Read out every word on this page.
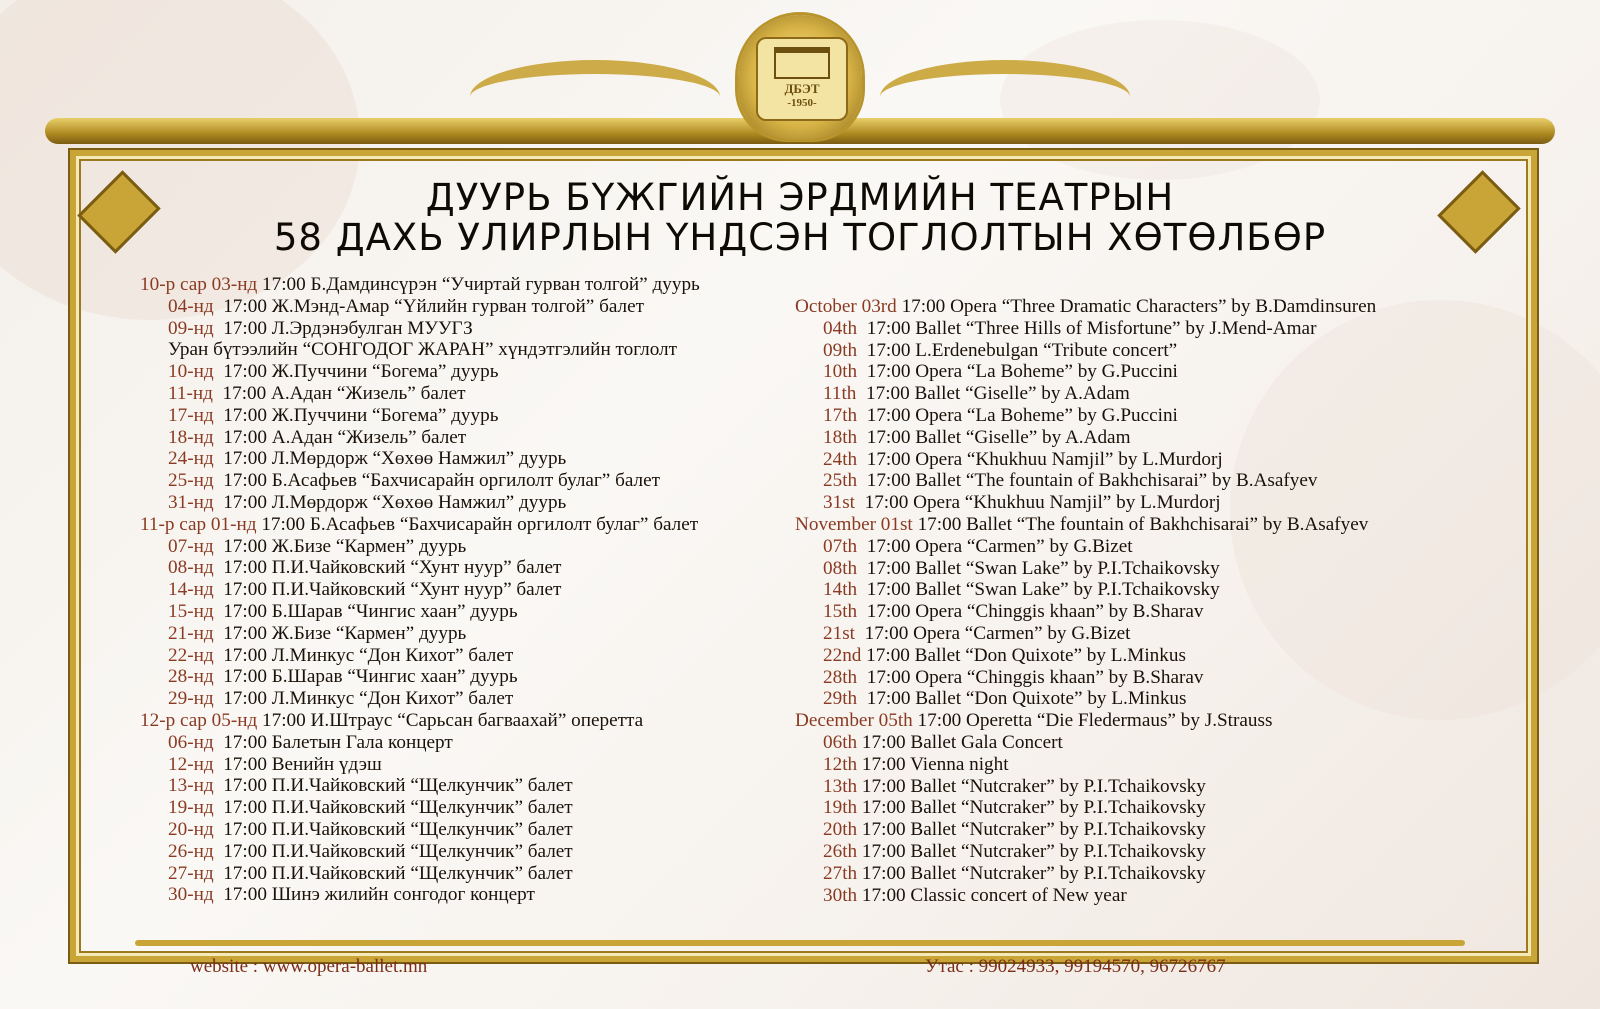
ДБЭТ
-1950-
ДУУРЬ БҮЖГИЙН ЭРДМИЙН ТЕАТРЫН
58 ДАХЬ УЛИРЛЫН ҮНДСЭН ТОГЛОЛТЫН ХӨТӨЛБӨР
10-р сар 03-нд 17:00 Б.Дамдинсүрэн “Учиртай гурван толгой” дуурь
04-нд  17:00 Ж.Мэнд-Амар “Үйлийн гурван толгой” балет
09-нд  17:00 Л.Эрдэнэбулган МУУГЗ
Уран бүтээлийн “СОНГОДОГ ЖАРАН” хүндэтгэлийн тоглолт
10-нд  17:00 Ж.Пуччини “Богема” дуурь
11-нд  17:00 А.Адан “Жизель” балет
17-нд  17:00 Ж.Пуччини “Богема” дуурь
18-нд  17:00 А.Адан “Жизель” балет
24-нд  17:00 Л.Мөрдорж “Хөхөө Намжил” дуурь
25-нд  17:00 Б.Асафьев “Бахчисарайн оргилолт булаг” балет
31-нд  17:00 Л.Мөрдорж “Хөхөө Намжил” дуурь
11-р сар 01-нд 17:00 Б.Асафьев “Бахчисарайн оргилолт булаг” балет
07-нд  17:00 Ж.Бизе “Кармен” дуурь
08-нд  17:00 П.И.Чайковский “Хунт нуур” балет
14-нд  17:00 П.И.Чайковский “Хунт нуур” балет
15-нд  17:00 Б.Шарав “Чингис хаан” дуурь
21-нд  17:00 Ж.Бизе “Кармен” дуурь
22-нд  17:00 Л.Минкус “Дон Кихот” балет
28-нд  17:00 Б.Шарав “Чингис хаан” дуурь
29-нд  17:00 Л.Минкус “Дон Кихот” балет
12-р сар 05-нд 17:00 И.Штраус “Сарьсан багваахай” оперетта
06-нд  17:00 Балетын Гала концерт
12-нд  17:00 Венийн үдэш
13-нд  17:00 П.И.Чайковский “Щелкунчик” балет
19-нд  17:00 П.И.Чайковский “Щелкунчик” балет
20-нд  17:00 П.И.Чайковский “Щелкунчик” балет
26-нд  17:00 П.И.Чайковский “Щелкунчик” балет
27-нд  17:00 П.И.Чайковский “Щелкунчик” балет
30-нд  17:00 Шинэ жилийн сонгодог концерт
October 03rd 17:00 Opera “Three Dramatic Characters” by B.Damdinsuren
04th  17:00 Ballet “Three Hills of Misfortune” by J.Mend-Amar
09th  17:00 L.Erdenebulgan “Tribute concert”
10th  17:00 Opera “La Boheme” by G.Puccini
11th  17:00 Ballet “Giselle” by A.Adam
17th  17:00 Opera “La Boheme” by G.Puccini
18th  17:00 Ballet “Giselle” by A.Adam
24th  17:00 Opera “Khukhuu Namjil” by L.Murdorj
25th  17:00 Ballet “The fountain of Bakhchisarai” by B.Asafyev
31st  17:00 Opera “Khukhuu Namjil” by L.Murdorj
November 01st 17:00 Ballet “The fountain of Bakhchisarai” by B.Asafyev
07th  17:00 Opera “Carmen” by G.Bizet
08th  17:00 Ballet “Swan Lake” by P.I.Tchaikovsky
14th  17:00 Ballet “Swan Lake” by P.I.Tchaikovsky
15th  17:00 Opera “Chinggis khaan” by B.Sharav
21st  17:00 Opera “Carmen” by G.Bizet
22nd 17:00 Ballet “Don Quixote” by L.Minkus
28th  17:00 Opera “Chinggis khaan” by B.Sharav
29th  17:00 Ballet “Don Quixote” by L.Minkus
December 05th 17:00 Operetta “Die Fledermaus” by J.Strauss
06th 17:00 Ballet Gala Concert
12th 17:00 Vienna night
13th 17:00 Ballet “Nutcraker” by P.I.Tchaikovsky
19th 17:00 Ballet “Nutcraker” by P.I.Tchaikovsky
20th 17:00 Ballet “Nutcraker” by P.I.Tchaikovsky
26th 17:00 Ballet “Nutcraker” by P.I.Tchaikovsky
27th 17:00 Ballet “Nutcraker” by P.I.Tchaikovsky
30th 17:00 Classic concert of New year
website : www.opera-ballet.mn	Утас : 99024933, 99194570, 96726767
